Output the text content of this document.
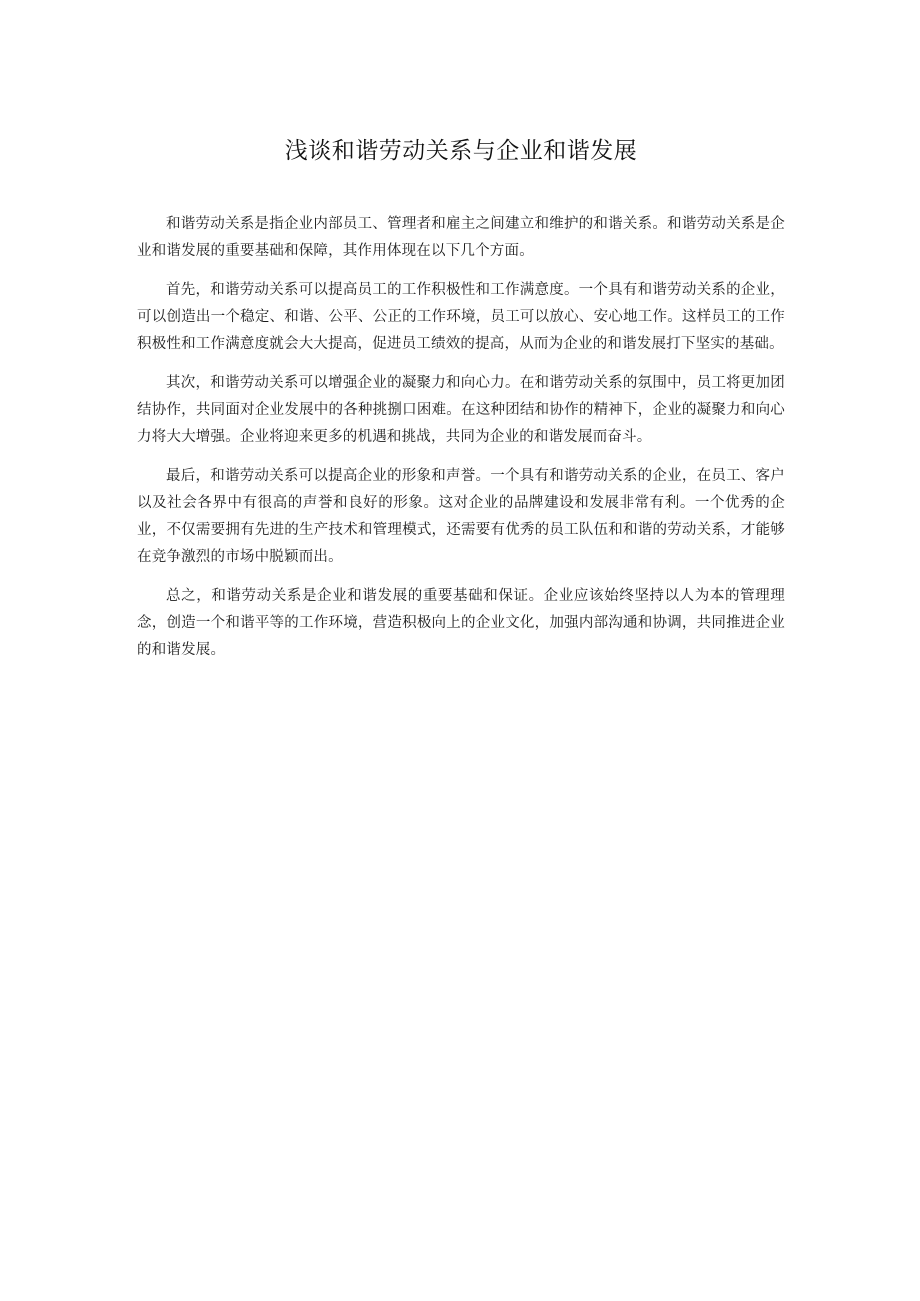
浅谈和谐劳动关系与企业和谐发展

和谐劳动关系是指企业内部员工、管理者和雇主之间建立和维护的和谐关系。和谐劳动关系是企业和谐发展的重要基础和保障，其作用体现在以下几个方面。

首先，和谐劳动关系可以提高员工的工作积极性和工作满意度。一个具有和谐劳动关系的企业，可以创造出一个稳定、和谐、公平、公正的工作环境，员工可以放心、安心地工作。这样员工的工作积极性和工作满意度就会大大提高，促进员工绩效的提高，从而为企业的和谐发展打下坚实的基础。

其次，和谐劳动关系可以增强企业的凝聚力和向心力。在和谐劳动关系的氛围中，员工将更加团结协作，共同面对企业发展中的各种挑捌口困难。在这种团结和协作的精神下，企业的凝聚力和向心力将大大增强。企业将迎来更多的机遇和挑战，共同为企业的和谐发展而奋斗。

最后，和谐劳动关系可以提高企业的形象和声誉。一个具有和谐劳动关系的企业，在员工、客户以及社会各界中有很高的声誉和良好的形象。这对企业的品牌建设和发展非常有利。一个优秀的企业，不仅需要拥有先进的生产技术和管理模式，还需要有优秀的员工队伍和和谐的劳动关系，才能够在竞争激烈的市场中脱颖而出。

总之，和谐劳动关系是企业和谐发展的重要基础和保证。企业应该始终坚持以人为本的管理理念，创造一个和谐平等的工作环境，营造积极向上的企业文化，加强内部沟通和协调，共同推进企业的和谐发展。
